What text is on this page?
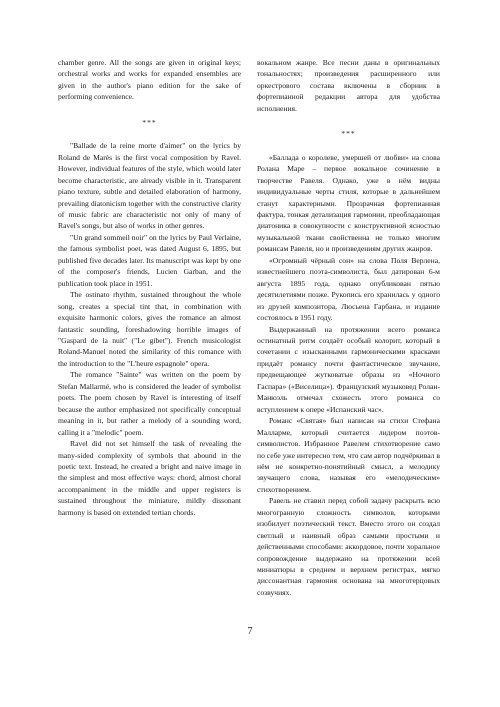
chamber genre. All the songs are given in original keys; orchestral works and works for expanded ensembles are given in the author's piano edition for the sake of performing convenience.

***

"Ballade de la reine morte d'aimer" on the lyrics by Roland de Marès is the first vocal composition by Ravel. However, individual features of the style, which would later become characteristic, are already visible in it. Transparent piano texture, subtle and detailed elaboration of harmony, prevailing diatonicism together with the constructive clarity of music fabric are characteristic not only of many of Ravel's songs, but also of works in other genres.

"Un grand sommeil noir" on the lyrics by Paul Verlaine, the famous symbolist poet, was dated August 6, 1895, but published five decades later. Its manuscript was kept by one of the composer's friends, Lucien Garban, and the publication took place in 1951.

The ostinato rhythm, sustained throughout the whole song, creates a special tint that, in combination with exquisite harmonic colors, gives the romance an almost fantastic sounding, foreshadowing horrible images of "Gaspard de la nuit" ("Le gibet"). French musicologist Roland-Manuel noted the similarity of this romance with the introduction to the "L'heure espagnole" opera.

The romance "Sainte" was written on the poem by Stefan Mallarmé, who is considered the leader of symbolist poets. The poem chosen by Ravel is interesting of itself because the author emphasized not specifically conceptual meaning in it, but rather a melody of a sounding word, calling it a "melodic" poem.

Ravel did not set himself the task of revealing the many-sided complexity of symbols that abound in the poetic text. Instead, he created a bright and naive image in the simplest and most effective ways: chord, almost choral accompaniment in the middle and upper registers is sustained throughout the miniature, mildly dissonant harmony is based on extended tertian chords.

вокальном жанре. Все песни даны в оригинальных тональностях; произведения расширенного или оркестрового состава включены в сборник в фортепианной редакции автора для удобства исполнения.

***

«Баллада о королеве, умершей от любви» на слова Ролана Маре – первое вокальное сочинение в творчестве Равеля. Однако, уже в нём видны индивидуальные черты стиля, которые в дальнейшем станут характерными. Прозрачная фортепианная фактура, тонкая детализация гармонии, преобладающая диатоника в совокупности с конструктивной ясностью музыкальной ткани свойственна не только многим романсам Равеля, но и произведениям других жанров.

«Огромный чёрный сон» на слова Поля Верлена, известнейшего поэта-символиста, был датирован 6-м августа 1895 года, однако опубликован пятью десятилетиями позже. Рукопись его хранилась у одного из друзей композитора, Люсьена Гарбана, и издание состоялось в 1951 году.

Выдержанный на протяжении всего романса остинатный ритм создаёт особый колорит, который в сочетании с изысканными гармоническими красками придаёт романсу почти фантастическое звучание, предвещающее жутковатые образы из «Ночного Гаспара» («Виселица»). Французский музыковед Ролан-Манюэль отмечал схожесть этого романса со вступлением к опере «Испанский час».

Романс «Святая» был написан на стихи Стефана Малларме, который считается лидером поэтов-символистов. Избранное Равелем стихотворение само по себе уже интересно тем, что сам автор подчёркивал в нём не конкретно-понятийный смысл, а мелодику звучащего слова, называя его «мелодическим» стихотворением.

Равель не ставил перед собой задачу раскрыть всю многогранную сложность символов, которыми изобилует поэтический текст. Вместо этого он создал светлый и наивный образ самыми простыми и действенными способами: аккордовое, почти хоральное сопровождение выдержано на протяжении всей миниатюры в среднем и верхнем регистрах, мягко диссонантная гармония основана на многотерцовых созвучиях.

7
